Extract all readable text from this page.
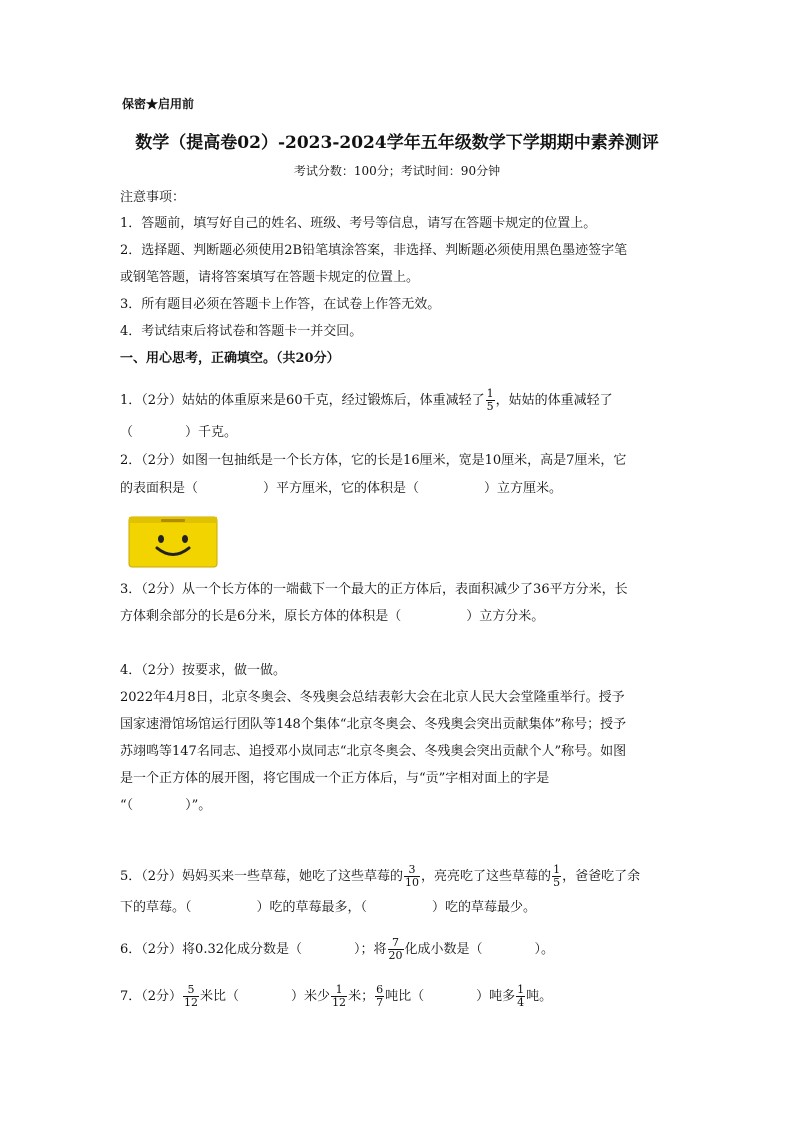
保密★启用前
数学（提高卷02）-2023-2024学年五年级数学下学期期中素养测评
考试分数：100分；考试时间：90分钟
注意事项：
1．答题前，填写好自己的姓名、班级、考号等信息，请写在答题卡规定的位置上。
2．选择题、判断题必须使用2B铅笔填涂答案，非选择、判断题必须使用黑色墨迹签字笔
或钢笔答题，请将答案填写在答题卡规定的位置上。
3．所有题目必须在答题卡上作答，在试卷上作答无效。
4．考试结束后将试卷和答题卡一并交回。
一、用心思考，正确填空。（共20分）
1．（2分）姑姑的体重原来是60千克，经过锻炼后，体重减轻了 $\frac{1}{5}$ ，姑姑的体重减轻了
（　　　　）千克。
2．（2分）如图一包抽纸是一个长方体，它的长是16厘米，宽是10厘米，高是7厘米，它
的表面积是（　　　　　）平方厘米，它的体积是（　　　　　）立方厘米。
3．（2分）从一个长方体的一端截下一个最大的正方体后，表面积减少了36平方分米，长
方体剩余部分的长是6分米，原长方体的体积是（　　　　　）立方分米。
4．（2分）按要求，做一做。
2022年4月8日，北京冬奥会、冬残奥会总结表彰大会在北京人民大会堂隆重举行。授予
国家速滑馆场馆运行团队等148个集体“北京冬奥会、冬残奥会突出贡献集体”称号；授予
苏翊鸣等147名同志、追授邓小岚同志“北京冬奥会、冬残奥会突出贡献个人”称号。如图
是一个正方体的展开图，将它围成一个正方体后，与“贡”字相对面上的字是
“（　　　　）”。
5．（2分）妈妈买来一些草莓，她吃了这些草莓的 $\frac{3}{10}$ ，亮亮吃了这些草莓的 $\frac{1}{5}$ ，爸爸吃了余
下的草莓。（　　　　　）吃的草莓最多，（　　　　　）吃的草莓最少。
6．（2分）将0.32化成分数是（　　　　）；将 $\frac{7}{20}$ 化成小数是（　　　　）。
7．（2分） $\frac{5}{12}$ 米比（　　　　）米少 $\frac{1}{12}$ 米； $\frac{6}{7}$ 吨比（　　　　）吨多 $\frac{1}{4}$ 吨。
